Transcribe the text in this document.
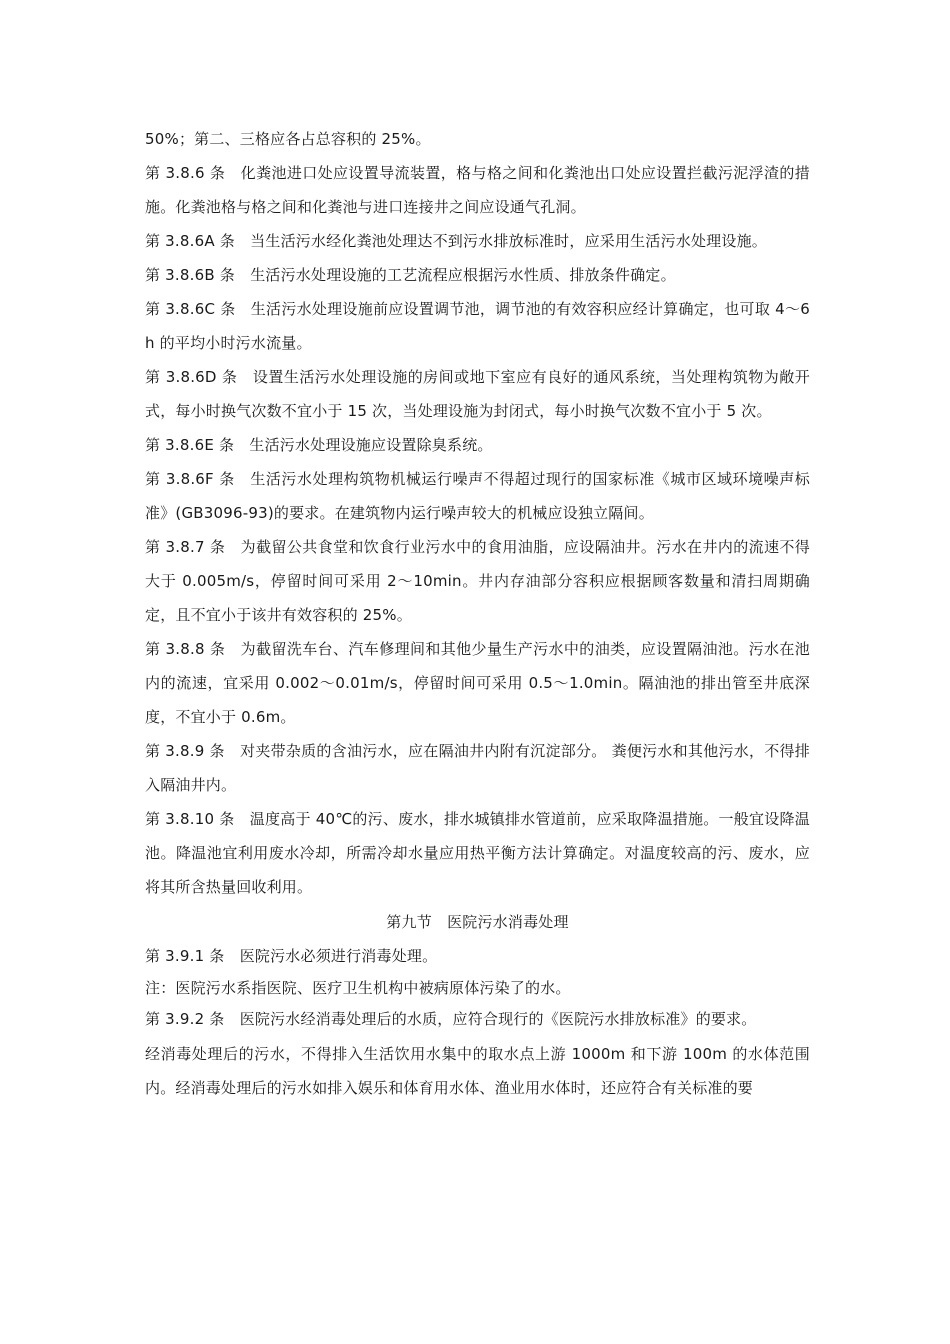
50%；第二、三格应各占总容积的 25%。

第 3.8.6 条　化粪池进口处应设置导流装置，格与格之间和化粪池出口处应设置拦截污泥浮渣的措施。化粪池格与格之间和化粪池与进口连接井之间应设通气孔洞。

第 3.8.6A 条　当生活污水经化粪池处理达不到污水排放标准时，应采用生活污水处理设施。

第 3.8.6B 条　生活污水处理设施的工艺流程应根据污水性质、排放条件确定。

第 3.8.6C 条　生活污水处理设施前应设置调节池，调节池的有效容积应经计算确定，也可取 4～6h 的平均小时污水流量。

第 3.8.6D 条　设置生活污水处理设施的房间或地下室应有良好的通风系统，当处理构筑物为敞开式，每小时换气次数不宜小于 15 次，当处理设施为封闭式，每小时换气次数不宜小于 5 次。

第 3.8.6E 条　生活污水处理设施应设置除臭系统。

第 3.8.6F 条　生活污水处理构筑物机械运行噪声不得超过现行的国家标准《城市区域环境噪声标准》(GB3096-93)的要求。在建筑物内运行噪声较大的机械应设独立隔间。

第 3.8.7 条　为截留公共食堂和饮食行业污水中的食用油脂，应设隔油井。污水在井内的流速不得大于 0.005m/s，停留时间可采用 2～10min。井内存油部分容积应根据顾客数量和清扫周期确定，且不宜小于该井有效容积的 25%。

第 3.8.8 条　为截留洗车台、汽车修理间和其他少量生产污水中的油类，应设置隔油池。污水在池内的流速，宜采用 0.002～0.01m/s，停留时间可采用 0.5～1.0min。隔油池的排出管至井底深度，不宜小于 0.6m。

第 3.8.9 条　对夹带杂质的含油污水，应在隔油井内附有沉淀部分。 粪便污水和其他污水，不得排入隔油井内。

第 3.8.10 条　温度高于 40℃的污、废水，排水城镇排水管道前，应采取降温措施。一般宜设降温池。降温池宜利用废水冷却，所需冷却水量应用热平衡方法计算确定。对温度较高的污、废水，应将其所含热量回收利用。

第九节　医院污水消毒处理

第 3.9.1 条　医院污水必须进行消毒处理。

注：医院污水系指医院、医疗卫生机构中被病原体污染了的水。

第 3.9.2 条　医院污水经消毒处理后的水质，应符合现行的《医院污水排放标准》的要求。

经消毒处理后的污水，不得排入生活饮用水集中的取水点上游 1000m 和下游 100m 的水体范围内。经消毒处理后的污水如排入娱乐和体育用水体、渔业用水体时，还应符合有关标准的要
